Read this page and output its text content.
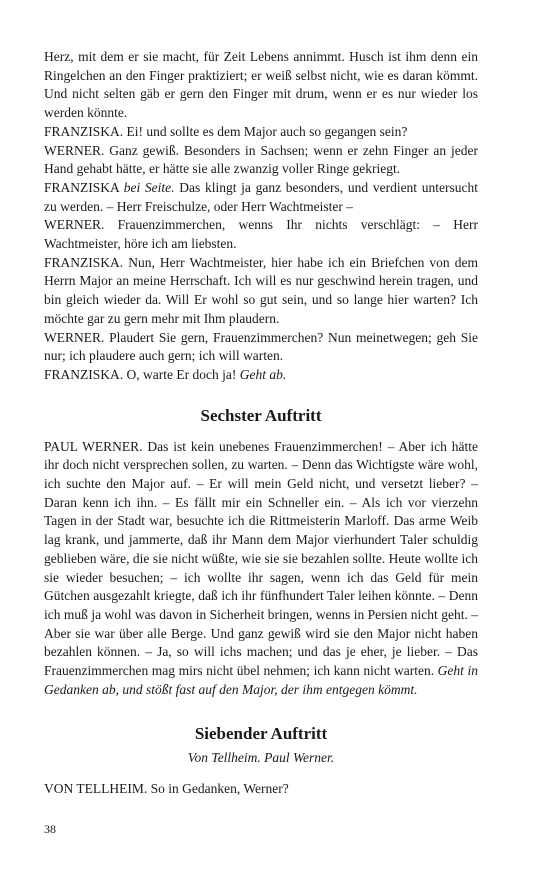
Herz, mit dem er sie macht, für Zeit Lebens annimmt. Husch ist ihm denn ein Ringelchen an den Finger praktiziert; er weiß selbst nicht, wie es daran kömmt. Und nicht selten gäb er gern den Finger mit drum, wenn er es nur wieder los werden könnte.

FRANZISKA. Ei! und sollte es dem Major auch so gegangen sein?

WERNER. Ganz gewiß. Besonders in Sachsen; wenn er zehn Finger an jeder Hand gehabt hätte, er hätte sie alle zwanzig voller Ringe gekriegt.

FRANZISKA bei Seite. Das klingt ja ganz besonders, und verdient untersucht zu werden. – Herr Freischulze, oder Herr Wachtmeister –

WERNER. Frauenzimmerchen, wenns Ihr nichts verschlägt: – Herr Wachtmeister, höre ich am liebsten.

FRANZISKA. Nun, Herr Wachtmeister, hier habe ich ein Briefchen von dem Herrn Major an meine Herrschaft. Ich will es nur geschwind herein tragen, und bin gleich wieder da. Will Er wohl so gut sein, und so lange hier warten? Ich möchte gar zu gern mehr mit Ihm plaudern.

WERNER. Plaudert Sie gern, Frauenzimmerchen? Nun meinetwegen; geh Sie nur; ich plaudere auch gern; ich will warten.

FRANZISKA. O, warte Er doch ja! Geht ab.

Sechster Auftritt

PAUL WERNER. Das ist kein unebenes Frauenzimmerchen! – Aber ich hätte ihr doch nicht versprechen sollen, zu warten. – Denn das Wichtigste wäre wohl, ich suchte den Major auf. – Er will mein Geld nicht, und versetzt lieber? – Daran kenn ich ihn. – Es fällt mir ein Schneller ein. – Als ich vor vierzehn Tagen in der Stadt war, besuchte ich die Rittmeisterin Marloff. Das arme Weib lag krank, und jammerte, daß ihr Mann dem Major vierhundert Taler schuldig geblieben wäre, die sie nicht wüßte, wie sie sie bezahlen sollte. Heute wollte ich sie wieder besuchen; – ich wollte ihr sagen, wenn ich das Geld für mein Gütchen ausgezahlt kriegte, daß ich ihr fünfhundert Taler leihen könnte. – Denn ich muß ja wohl was davon in Sicherheit bringen, wenns in Persien nicht geht. – Aber sie war über alle Berge. Und ganz gewiß wird sie den Major nicht haben bezahlen können. – Ja, so will ichs machen; und das je eher, je lieber. – Das Frauenzimmerchen mag mirs nicht übel nehmen; ich kann nicht warten. Geht in Gedanken ab, und stößt fast auf den Major, der ihm entgegen kömmt.

Siebender Auftritt

Von Tellheim. Paul Werner.

VON TELLHEIM. So in Gedanken, Werner?

38
